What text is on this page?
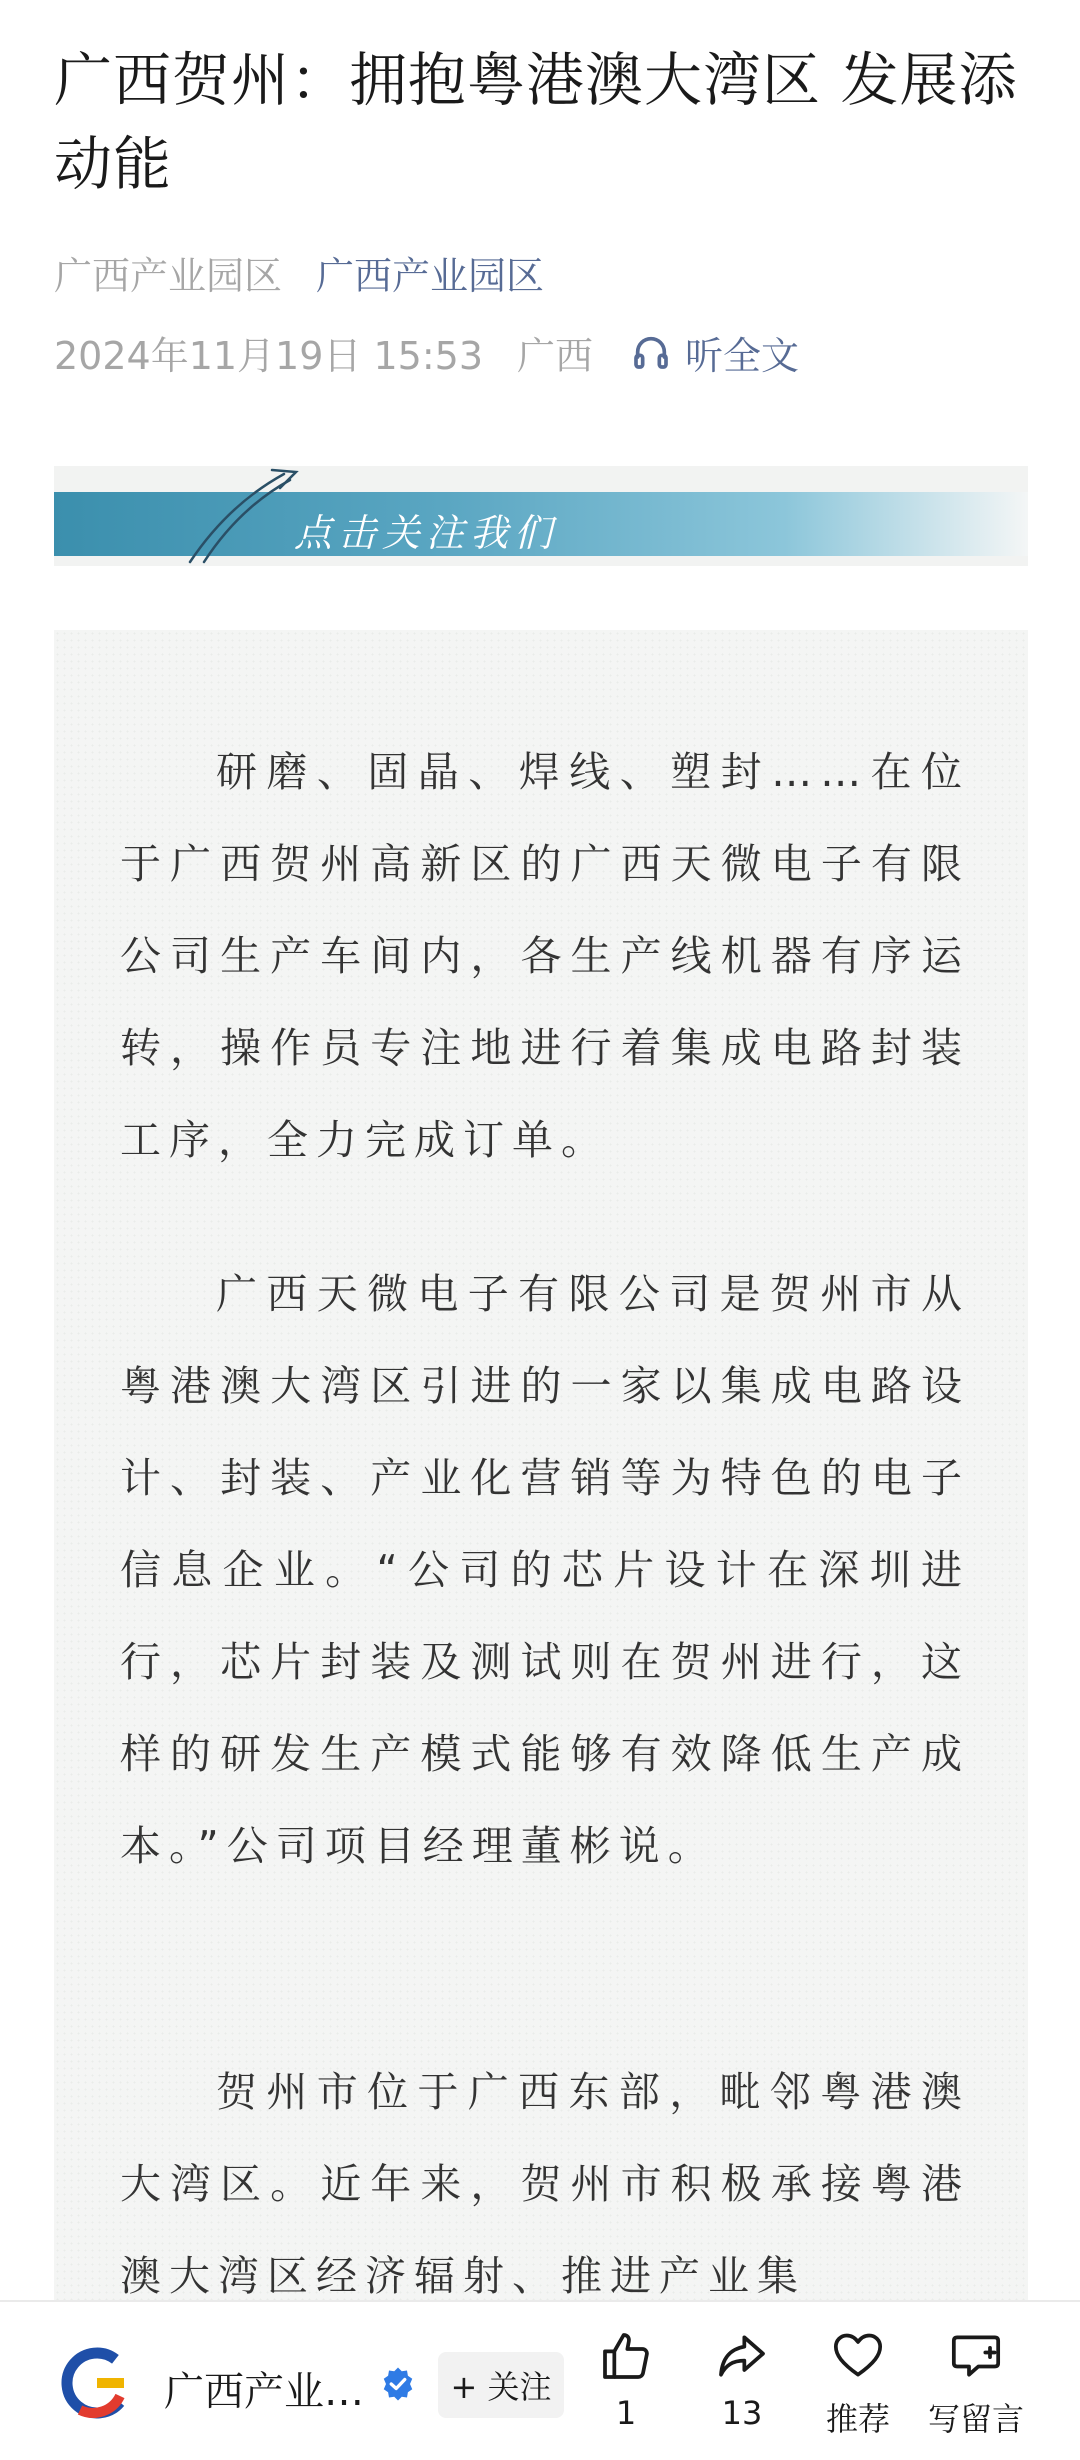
广西贺州：拥抱粤港澳大湾区 发展添动能
广西产业园区 广西产业园区
2024年11月19日 15:53 广西 听全文
点击关注我们

研磨、固晶、焊线、塑封……在位于广西贺州高新区的广西天微电子有限公司生产车间内，各生产线机器有序运转，操作员专注地进行着集成电路封装工序，全力完成订单。

广西天微电子有限公司是贺州市从粤港澳大湾区引进的一家以集成电路设计、封装、产业化营销等为特色的电子信息企业。“公司的芯片设计在深圳进行，芯片封装及测试则在贺州进行，这样的研发生产模式能够有效降低生产成本。”公司项目经理董彬说。

贺州市位于广西东部，毗邻粤港澳大湾区。近年来，贺州市积极承接粤港澳大湾区经济辐射、推进产业集

广西产业…	+ 关注
1	13	推荐	写留言
